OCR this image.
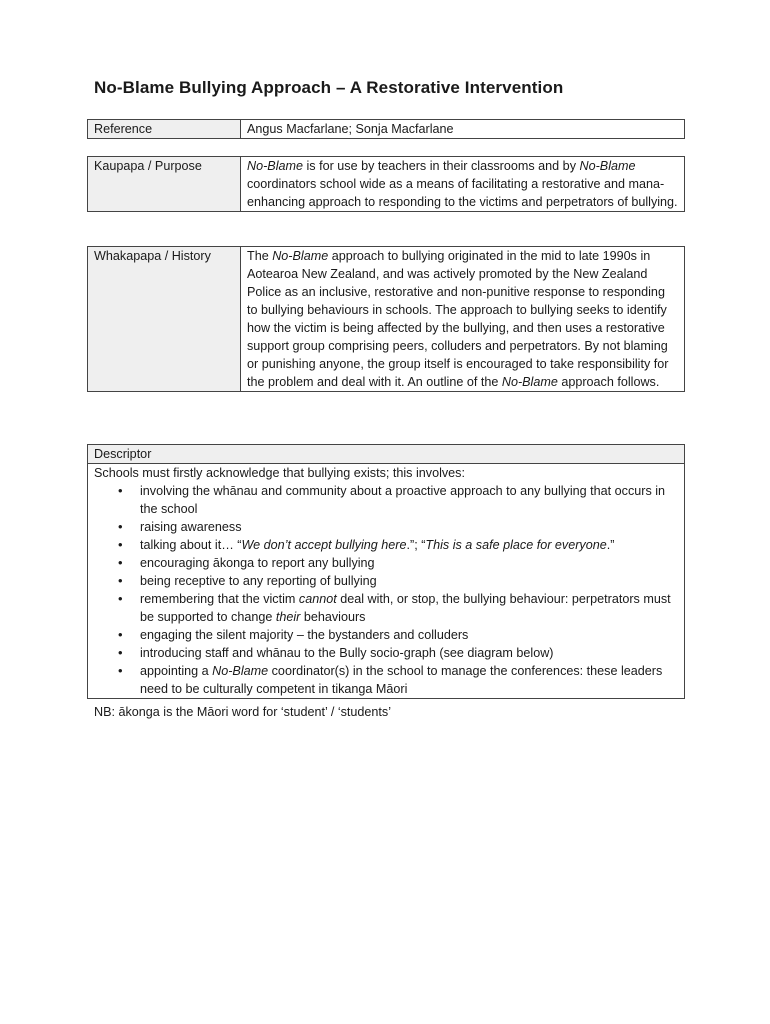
No-Blame Bullying Approach – A Restorative Intervention
Reference	Angus Macfarlane; Sonja Macfarlane
Kaupapa / Purpose	No-Blame is for use by teachers in their classrooms and by No-Blame coordinators school wide as a means of facilitating a restorative and mana-enhancing approach to responding to the victims and perpetrators of bullying.
Whakapapa / History	The No-Blame approach to bullying originated in the mid to late 1990s in Aotearoa New Zealand, and was actively promoted by the New Zealand Police as an inclusive, restorative and non-punitive response to responding to bullying behaviours in schools. The approach to bullying seeks to identify how the victim is being affected by the bullying, and then uses a restorative support group comprising peers, colluders and perpetrators. By not blaming or punishing anyone, the group itself is encouraged to take responsibility for the problem and deal with it. An outline of the No-Blame approach follows.
Descriptor

Schools must firstly acknowledge that bullying exists; this involves:

• involving the whānau and community about a proactive approach to any bullying that occurs in the school
• raising awareness
• talking about it… “We don’t accept bullying here.”; “This is a safe place for everyone.”
• encouraging ākonga to report any bullying
• being receptive to any reporting of bullying
• remembering that the victim cannot deal with, or stop, the bullying behaviour: perpetrators must be supported to change their behaviours
• engaging the silent majority – the bystanders and colluders
• introducing staff and whānau to the Bully socio-graph (see diagram below)
• appointing a No-Blame coordinator(s) in the school to manage the conferences: these leaders need to be culturally competent in tikanga Māori
NB: ākonga is the Māori word for ‘student’ / ‘students’
